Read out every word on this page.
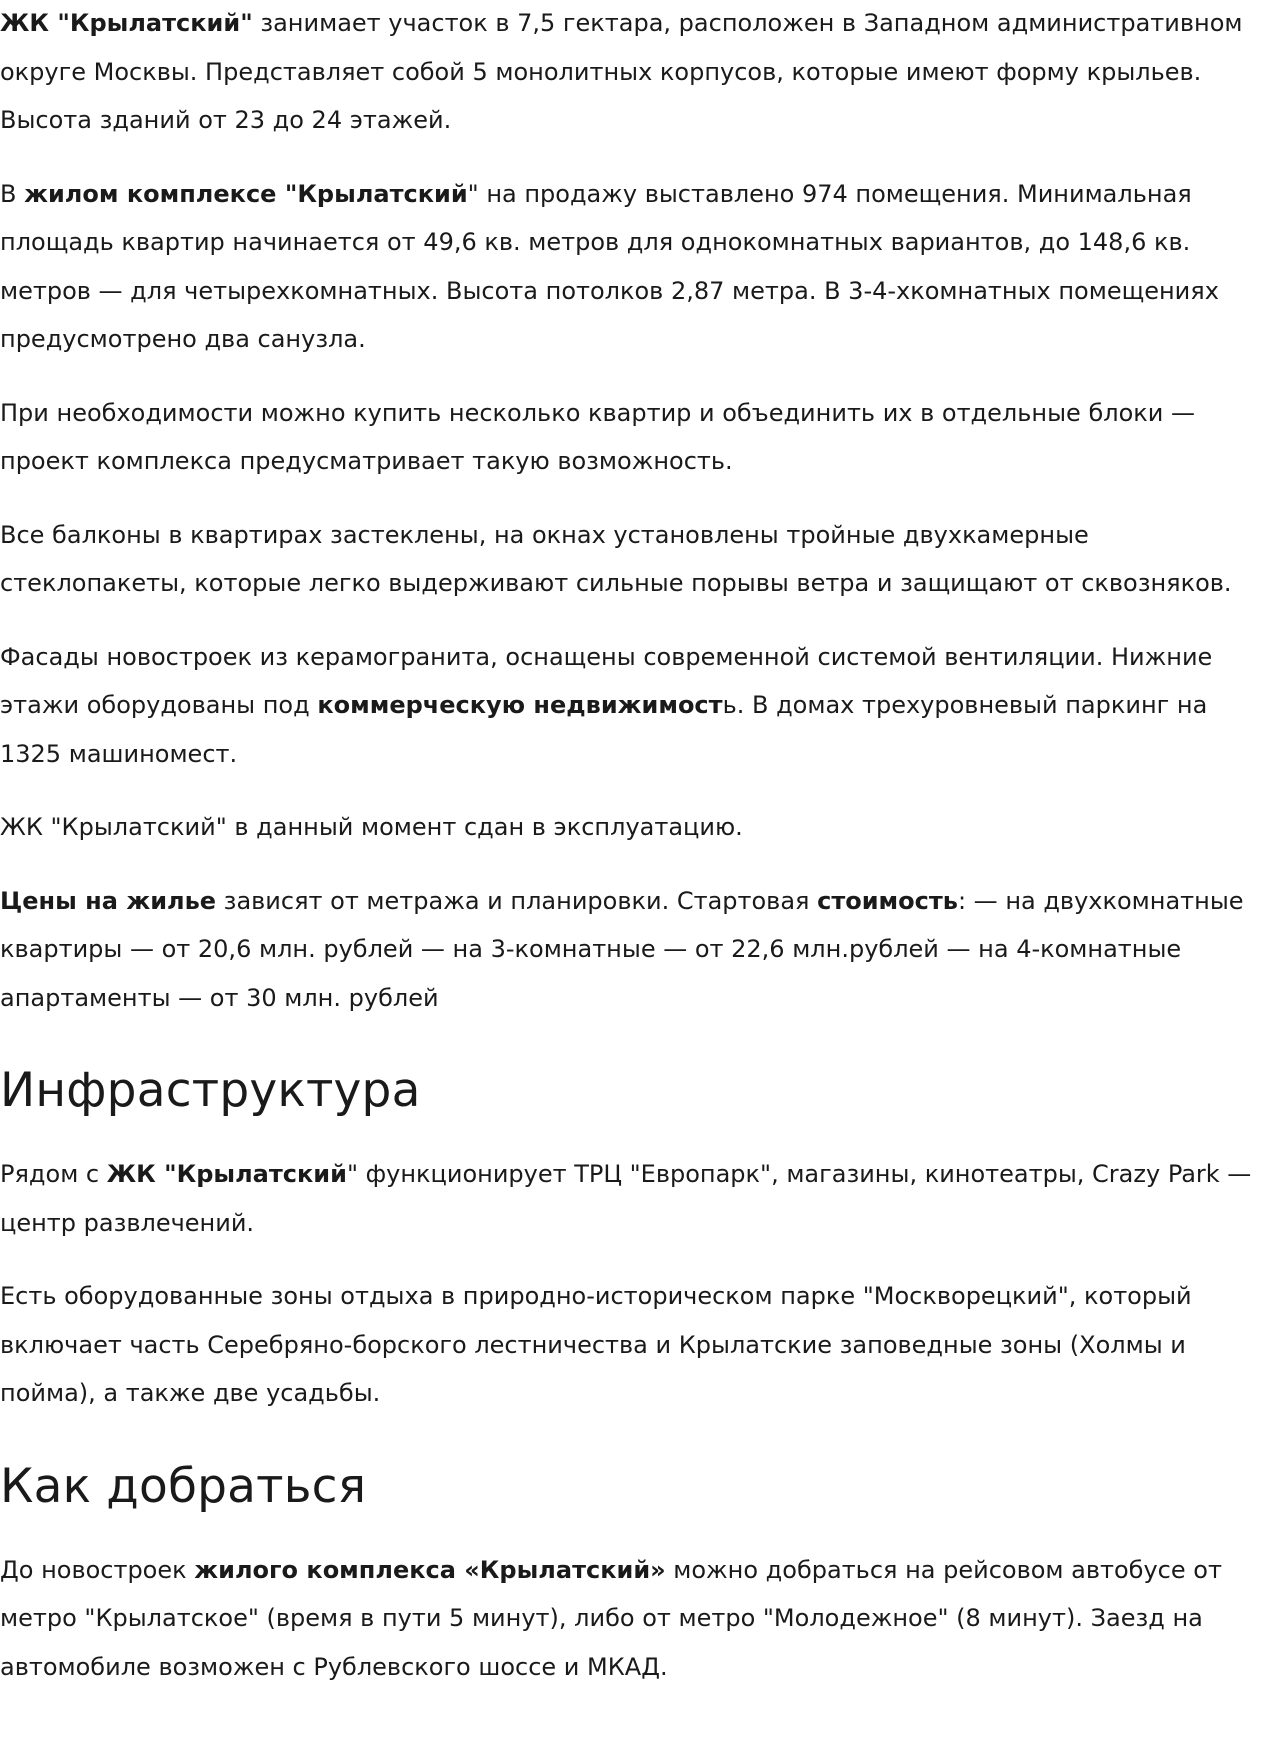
ЖК "Крылатский" занимает участок в 7,5 гектара, расположен в Западном административном округе Москвы. Представляет собой 5 монолитных корпусов, которые имеют форму крыльев. Высота зданий от 23 до 24 этажей.

В жилом комплексе "Крылатский" на продажу выставлено 974 помещения. Минимальная площадь квартир начинается от 49,6 кв. метров для однокомнатных вариантов, до 148,6 кв. метров — для четырехкомнатных. Высота потолков 2,87 метра. В 3-4-хкомнатных помещениях предусмотрено два санузла.

При необходимости можно купить несколько квартир и объединить их в отдельные блоки — проект комплекса предусматривает такую возможность.

Все балконы в квартирах застеклены, на окнах установлены тройные двухкамерные стеклопакеты, которые легко выдерживают сильные порывы ветра и защищают от сквозняков.

Фасады новостроек из керамогранита, оснащены современной системой вентиляции. Нижние этажи оборудованы под коммерческую недвижимость. В домах трехуровневый паркинг на 1325 машиномест.

ЖК "Крылатский" в данный момент сдан в эксплуатацию.

Цены на жилье зависят от метража и планировки. Стартовая стоимость: — на двухкомнатные квартиры — от 20,6 млн. рублей — на 3-комнатные — от 22,6 млн.рублей — на 4-комнатные апартаменты — от 30 млн. рублей

Инфраструктура

Рядом с ЖК "Крылатский" функционирует ТРЦ "Европарк", магазины, кинотеатры, Crazy Park — центр развлечений.

Есть оборудованные зоны отдыха в природно-историческом парке "Москворецкий", который включает часть Серебряно-борского лестничества и Крылатские заповедные зоны (Холмы и пойма), а также две усадьбы.

Как добраться

До новостроек жилого комплекса «Крылатский» можно добраться на рейсовом автобусе от метро "Крылатское" (время в пути 5 минут), либо от метро "Молодежное" (8 минут). Заезд на автомобиле возможен с Рублевского шоссе и МКАД.
